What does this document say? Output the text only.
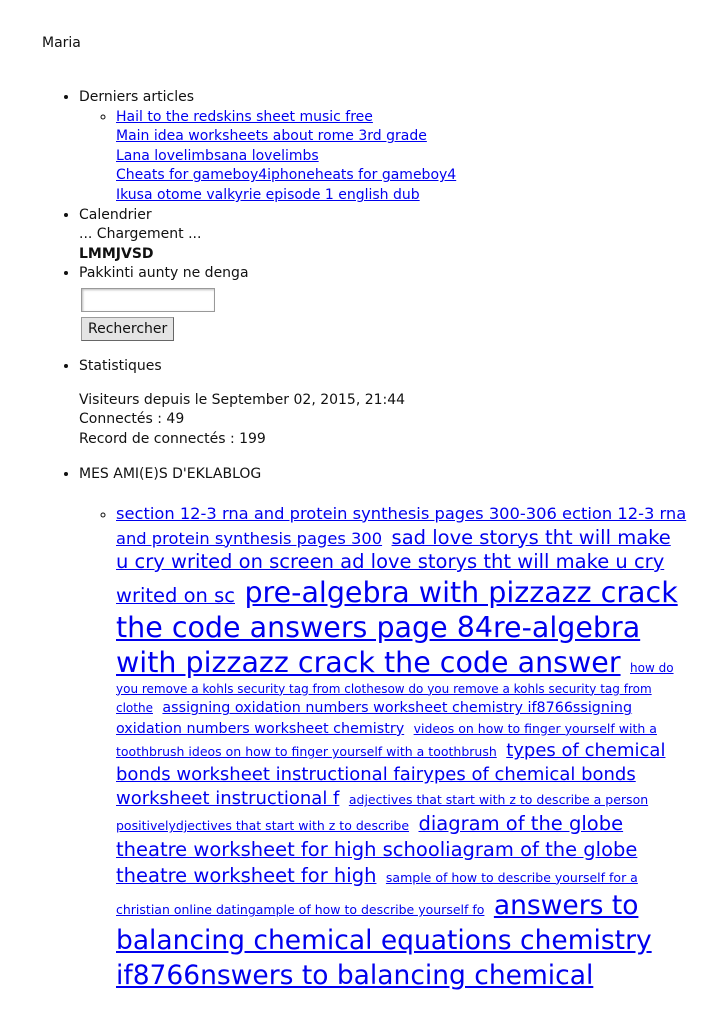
Maria
• Derniers articles
◦ Hail to the redskins sheet music free
Main idea worksheets about rome 3rd grade
Lana lovelimbsana lovelimbs
Cheats for gameboy4iphoneheats for gameboy4
Ikusa otome valkyrie episode 1 english dub
• Calendrier
... Chargement ...
LMMJVSD
• Pakkinti aunty ne denga
Rechercher
• Statistiques
Visiteurs depuis le September 02, 2015, 21:44
Connectés : 49
Record de connectés : 199
• MES AMI(E)S D'EKLABLOG
◦ section 12-3 rna and protein synthesis pages 300-306 ection 12-3 rna and protein synthesis pages 300 sad love storys tht will make u cry writed on screen ad love storys tht will make u cry writed on sc pre-algebra with pizzazz crack the code answers page 84re-algebra with pizzazz crack the code answer how do you remove a kohls security tag from clothesow do you remove a kohls security tag from clothe assigning oxidation numbers worksheet chemistry if8766ssigning oxidation numbers worksheet chemistry videos on how to finger yourself with a toothbrush ideos on how to finger yourself with a toothbrush types of chemical bonds worksheet instructional fairypes of chemical bonds worksheet instructional f adjectives that start with z to describe a person positivelydjectives that start with z to describe diagram of the globe theatre worksheet for high schooliagram of the globe theatre worksheet for high sample of how to describe yourself for a christian online datingample of how to describe yourself fo answers to balancing chemical equations chemistry if8766nswers to balancing chemical
